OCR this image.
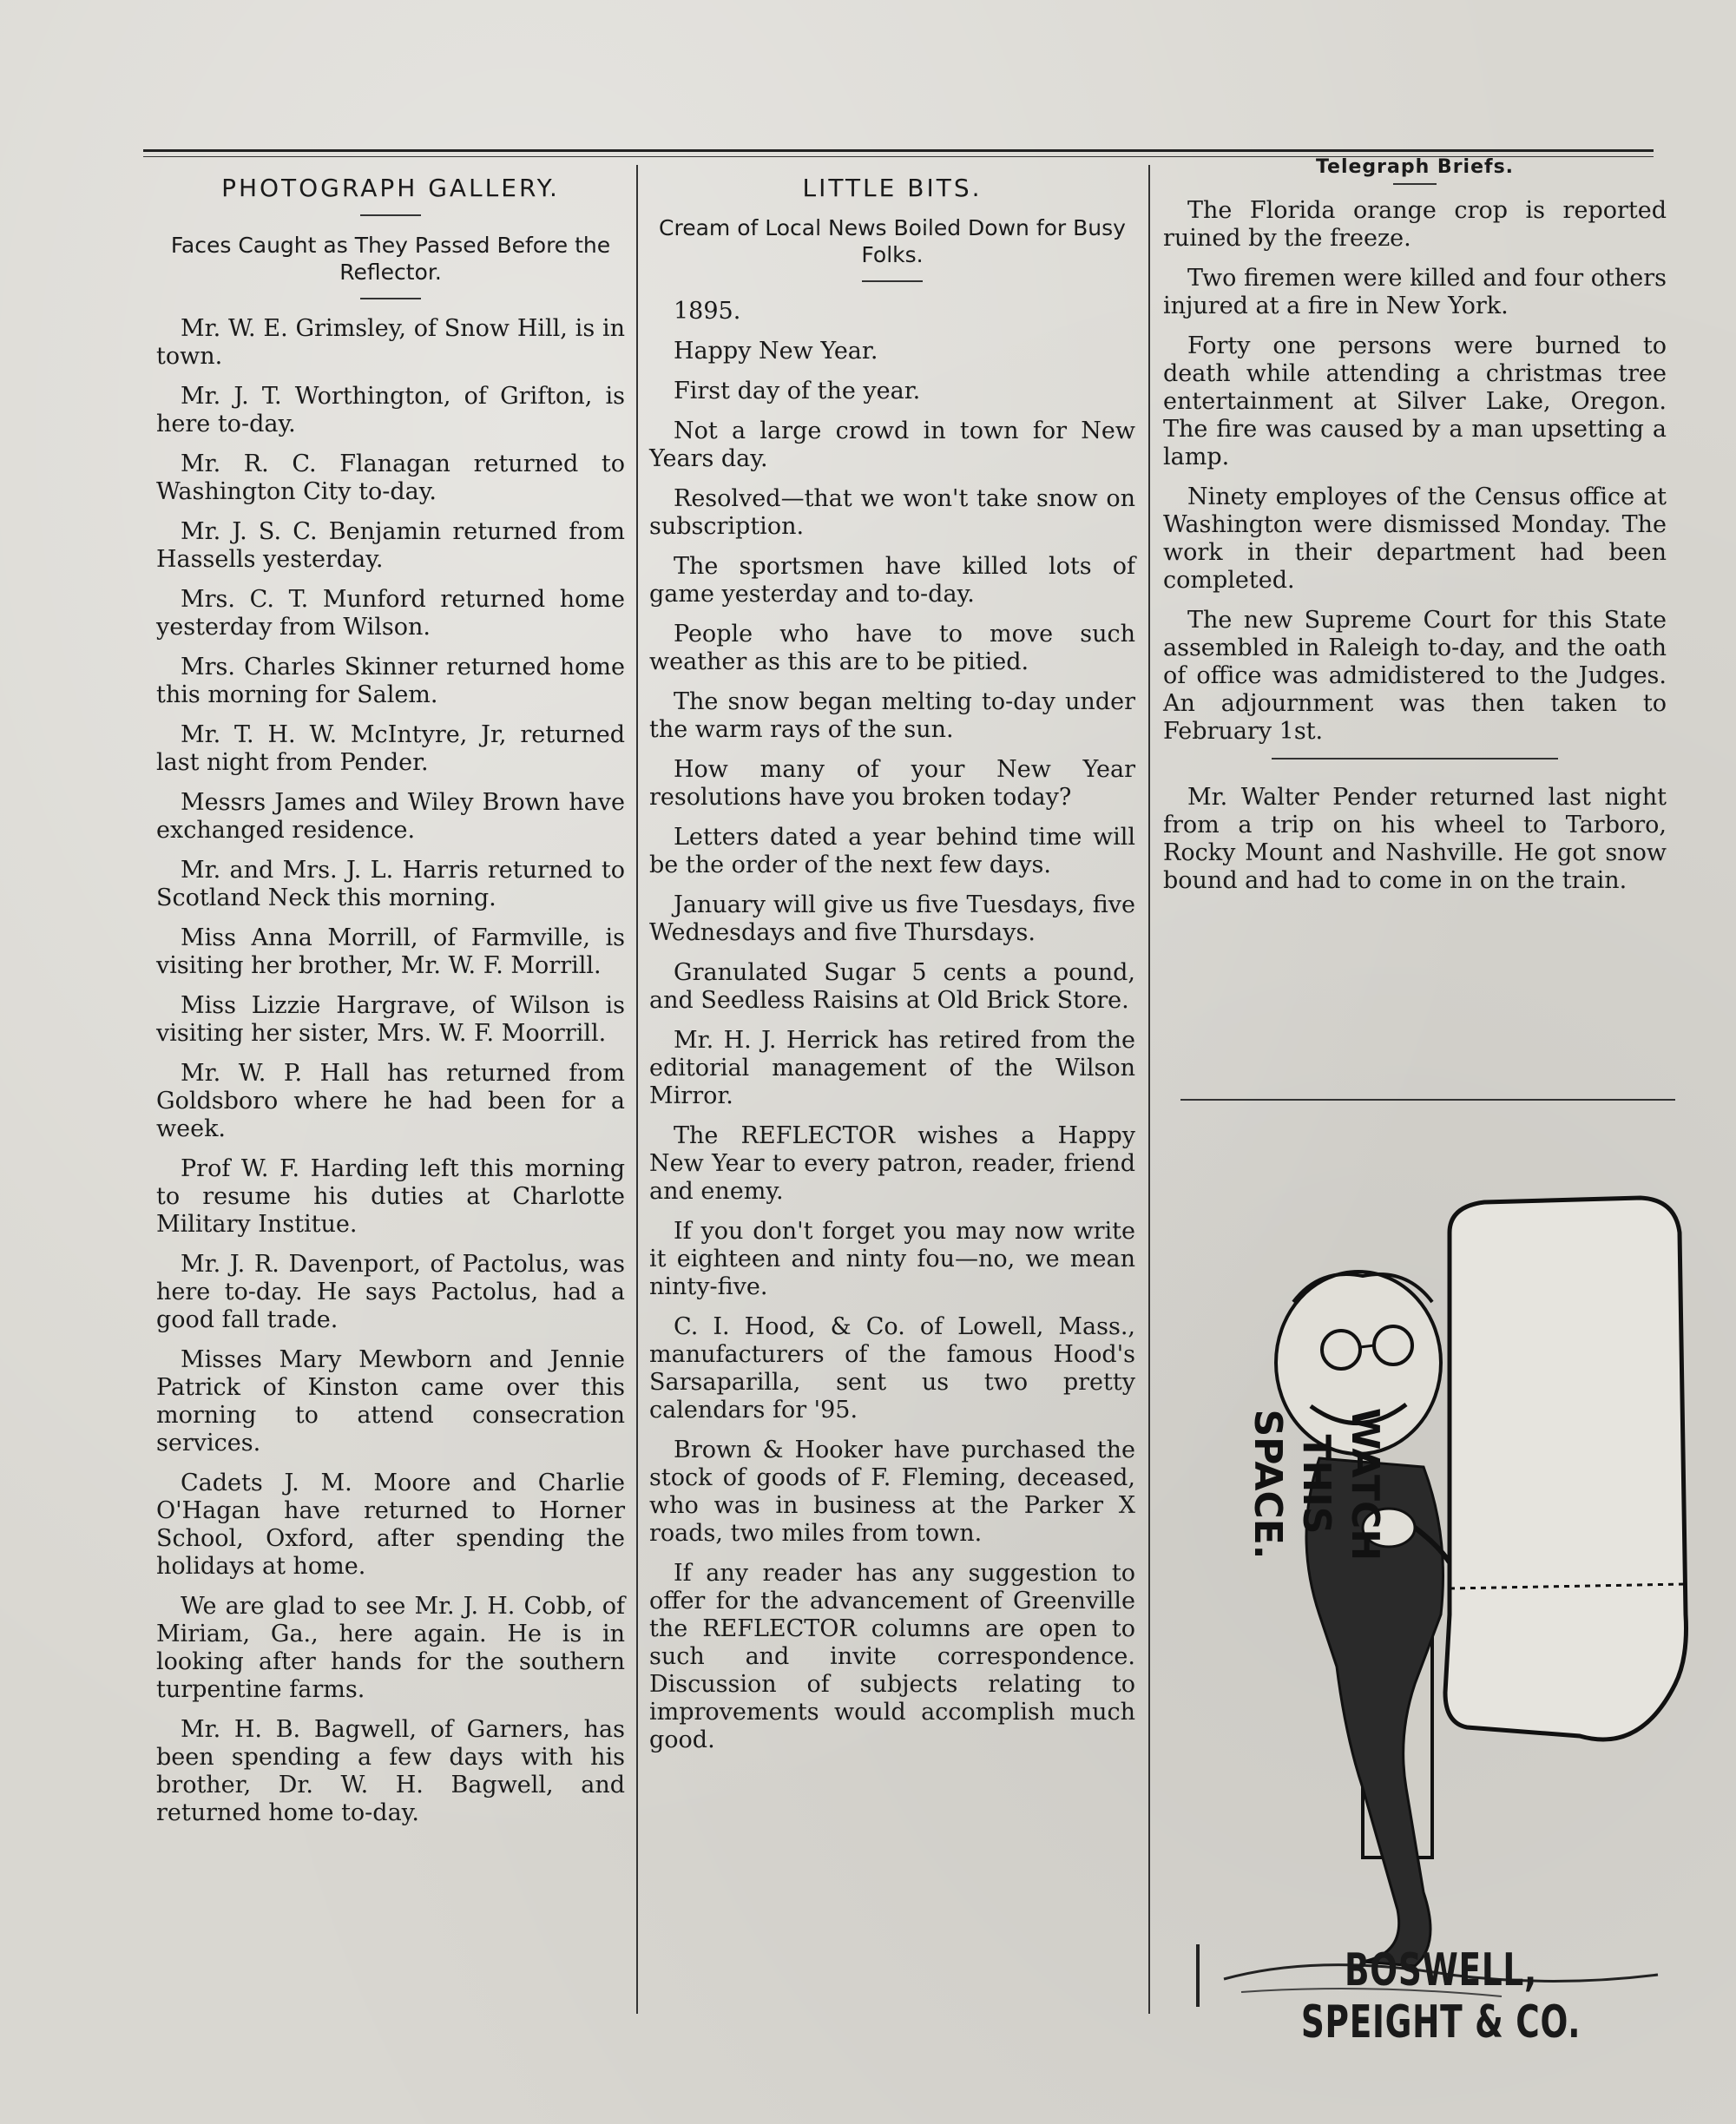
PHOTOGRAPH GALLERY.
Faces Caught as They Passed Before the Reflector.

Mr. W. E. Grimsley, of Snow Hill, is in town.

Mr. J. T. Worthington, of Grifton, is here to-day.

Mr. R. C. Flanagan returned to Washington City to-day.

Mr. J. S. C. Benjamin returned from Hassells yesterday.

Mrs. C. T. Munford returned home yesterday from Wilson.

Mrs. Charles Skinner returned home this morning for Salem.

Mr. T. H. W. McIntyre, Jr, returned last night from Pender.

Messrs James and Wiley Brown have exchanged residence.

Mr. and Mrs. J. L. Harris returned to Scotland Neck this morning.

Miss Anna Morrill, of Farmville, is visiting her brother, Mr. W. F. Morrill.

Miss Lizzie Hargrave, of Wilson is visiting her sister, Mrs. W. F. Moorrill.

Mr. W. P. Hall has returned from Goldsboro where he had been for a week.

Prof W. F. Harding left this morning to resume his duties at Charlotte Military Institue.

Mr. J. R. Davenport, of Pactolus, was here to-day. He says Pactolus, had a good fall trade.

Misses Mary Mewborn and Jennie Patrick of Kinston came over this morning to attend consecration services.

Cadets J. M. Moore and Charlie O'Hagan have returned to Horner School, Oxford, after spending the holidays at home.

We are glad to see Mr. J. H. Cobb, of Miriam, Ga., here again. He is in looking after hands for the southern turpentine farms.

Mr. H. B. Bagwell, of Garners, has been spending a few days with his brother, Dr. W. H. Bagwell, and returned home to-day.

LITTLE BITS.
Cream of Local News Boiled Down for Busy Folks.

1895.

Happy New Year.

First day of the year.

Not a large crowd in town for New Years day.

Resolved—that we won't take snow on subscription.

The sportsmen have killed lots of game yesterday and to-day.

People who have to move such weather as this are to be pitied.

The snow began melting to-day under the warm rays of the sun.

How many of your New Year resolutions have you broken today?

Letters dated a year behind time will be the order of the next few days.

January will give us five Tuesdays, five Wednesdays and five Thursdays.

Granulated Sugar 5 cents a pound, and Seedless Raisins at Old Brick Store.

Mr. H. J. Herrick has retired from the editorial management of the Wilson Mirror.

The REFLECTOR wishes a Happy New Year to every patron, reader, friend and enemy.

If you don't forget you may now write it eighteen and ninty fou—no, we mean ninty-five.

C. I. Hood, & Co. of Lowell, Mass., manufacturers of the famous Hood's Sarsaparilla, sent us two pretty calendars for '95.

Brown & Hooker have purchased the stock of goods of F. Fleming, deceased, who was in business at the Parker X roads, two miles from town.

If any reader has any suggestion to offer for the advancement of Greenville the REFLECTOR columns are open to such and invite correspondence. Discussion of subjects relating to improvements would accomplish much good.

Telegraph Briefs.

The Florida orange crop is reported ruined by the freeze.

Two firemen were killed and four others injured at a fire in New York.

Forty one persons were burned to death while attending a christmas tree entertainment at Silver Lake, Oregon. The fire was caused by a man upsetting a lamp.

Ninety employes of the Census office at Washington were dismissed Monday. The work in their department had been completed.

The new Supreme Court for this State assembled in Raleigh to-day, and the oath of office was admidistered to the Judges. An adjournment was then taken to February 1st.

Mr. Walter Pender returned last night from a trip on his wheel to Tarboro, Rocky Mount and Nashville. He got snow bound and had to come in on the train.

WATCH
THIS
SPACE.
BOSWELL, SPEIGHT & CO.
